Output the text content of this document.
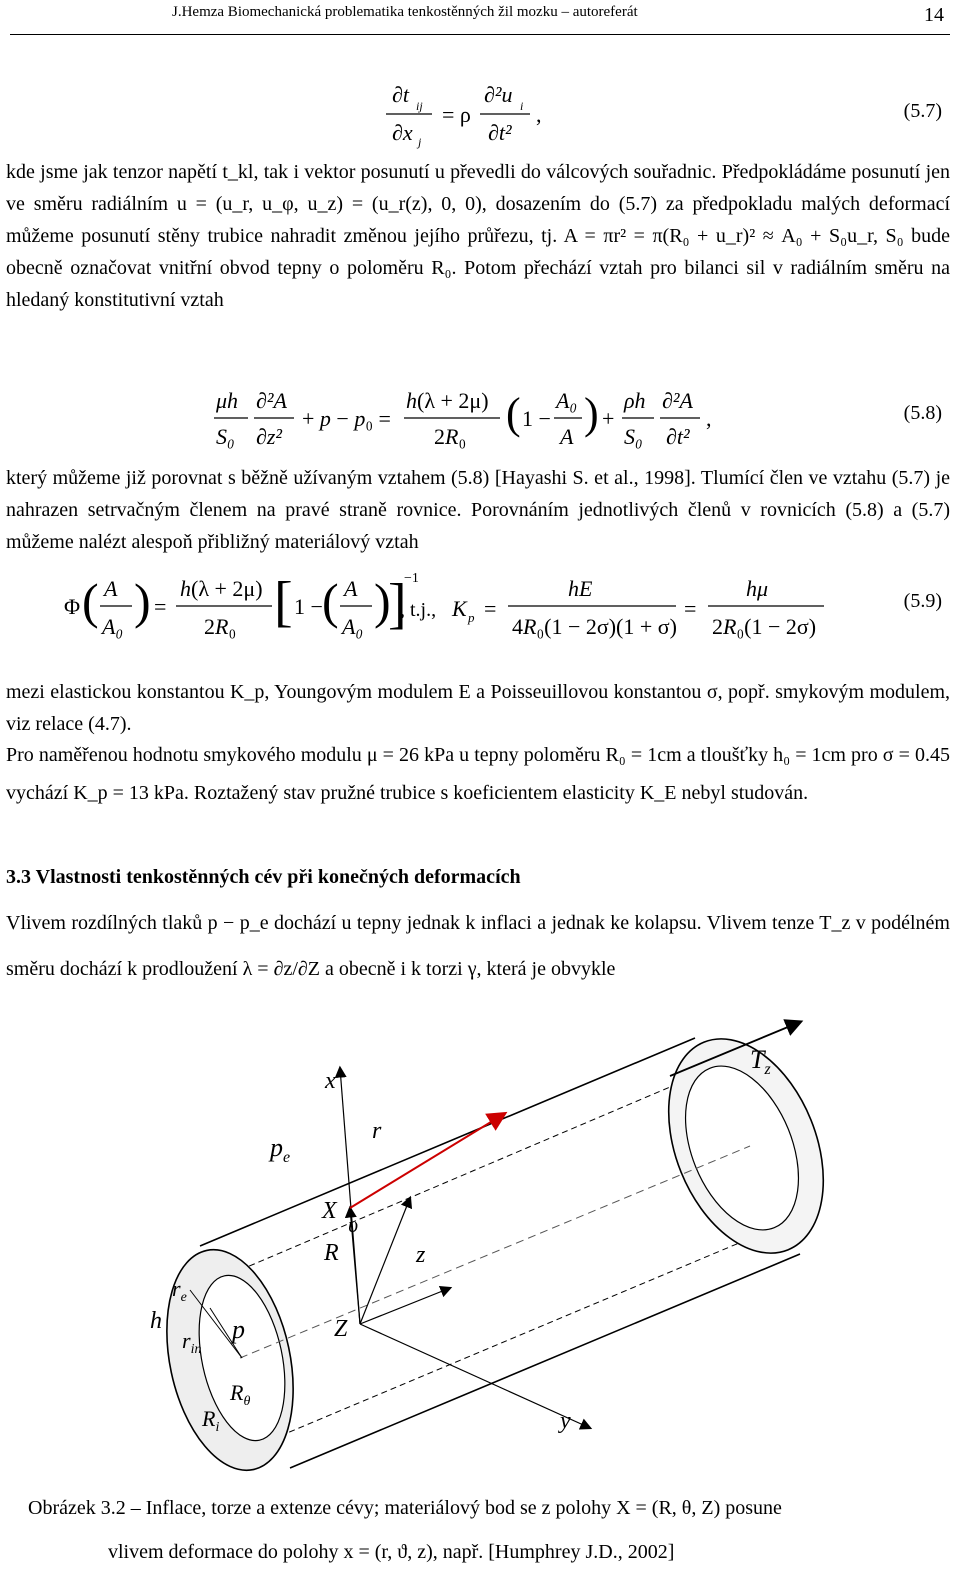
J.Hemza Biomechanická problematika tenkostěnných žil mozku – autoreferát	14
∂t ij
∂x j
= ρ
∂²u i
∂t²
,	(5.7)

kde jsme jak tenzor napětí t_kl, tak i vektor posunutí u převedli do válcových souřadnic. Předpokládáme posunutí jen ve směru radiálním u = (u_r, u_φ, u_z) = (u_r(z), 0, 0), dosazením do (5.7) za předpokladu malých deformací můžeme posunutí stěny trubice nahradit změnou jejího průřezu, tj. A = πr² = π(R₀ + u_r)² ≈ A₀ + S₀u_r, S₀ bude obecně označovat vnitřní obvod tepny o poloměru R₀. Potom přechází vztah pro bilanci sil v radiálním směru na hledaný konstitutivní vztah

μh
S₀
∂²A
∂z²
+ p − p₀ =
h(λ + 2μ)
2R₀ ( 1 −
A₀
A ) +
ρh
S₀
∂²A
∂t²
,	(5.8)

který můžeme již porovnat s běžně užívaným vztahem (5.8) [Hayashi S. et al., 1998]. Tlumící člen ve vztahu (5.7) je nahrazen setrvačným členem na pravé straně rovnice. Porovnáním jednotlivých členů v rovnicích (5.8) a (5.7) můžeme nalézt alespoň přibližný materiálový vztah

Φ ( A
A₀ ) =
h(λ + 2μ)
2R₀ [ 1 − ( A
A₀ )
]
−1
, t.j., K p =
hE
4R₀(1 − 2σ)(1 + σ)
=
hμ
2R₀(1 − 2σ)
(5.9)

mezi elastickou konstantou K_p, Youngovým modulem E a Poisseuillovou konstantou σ, popř. smykovým modulem, viz relace (4.7).

Pro naměřenou hodnotu smykového modulu μ = 26 kPa u tepny poloměru R₀ = 1cm a tloušťky h₀ = 1cm pro σ = 0.45 vychází K_p = 13 kPa. Roztažený stav pružné trubice s koeficientem elasticity K_E nebyl studován.

3.3 Vlastnosti tenkostěnných cév při konečných deformacích

Vlivem rozdílných tlaků p − p_e dochází u tepny jednak k inflaci a jednak ke kolapsu. Vlivem tenze T_z v podélném směru dochází k prodloužení λ = ∂z/∂Z a obecně i k torzi γ, která je obvykle

$T_z$
x
r
$p_e$
X
R	z
υ
$r_e$
h	p
$r_{in}$
Z
$R_\theta$
$R_i$	y
Obrázek 3.2 – Inflace, torze a extenze cévy; materiálový bod se z polohy X = (R, θ, Z) posune
vlivem deformace do polohy x = (r, ϑ, z), např. [Humphrey J.D., 2002]
